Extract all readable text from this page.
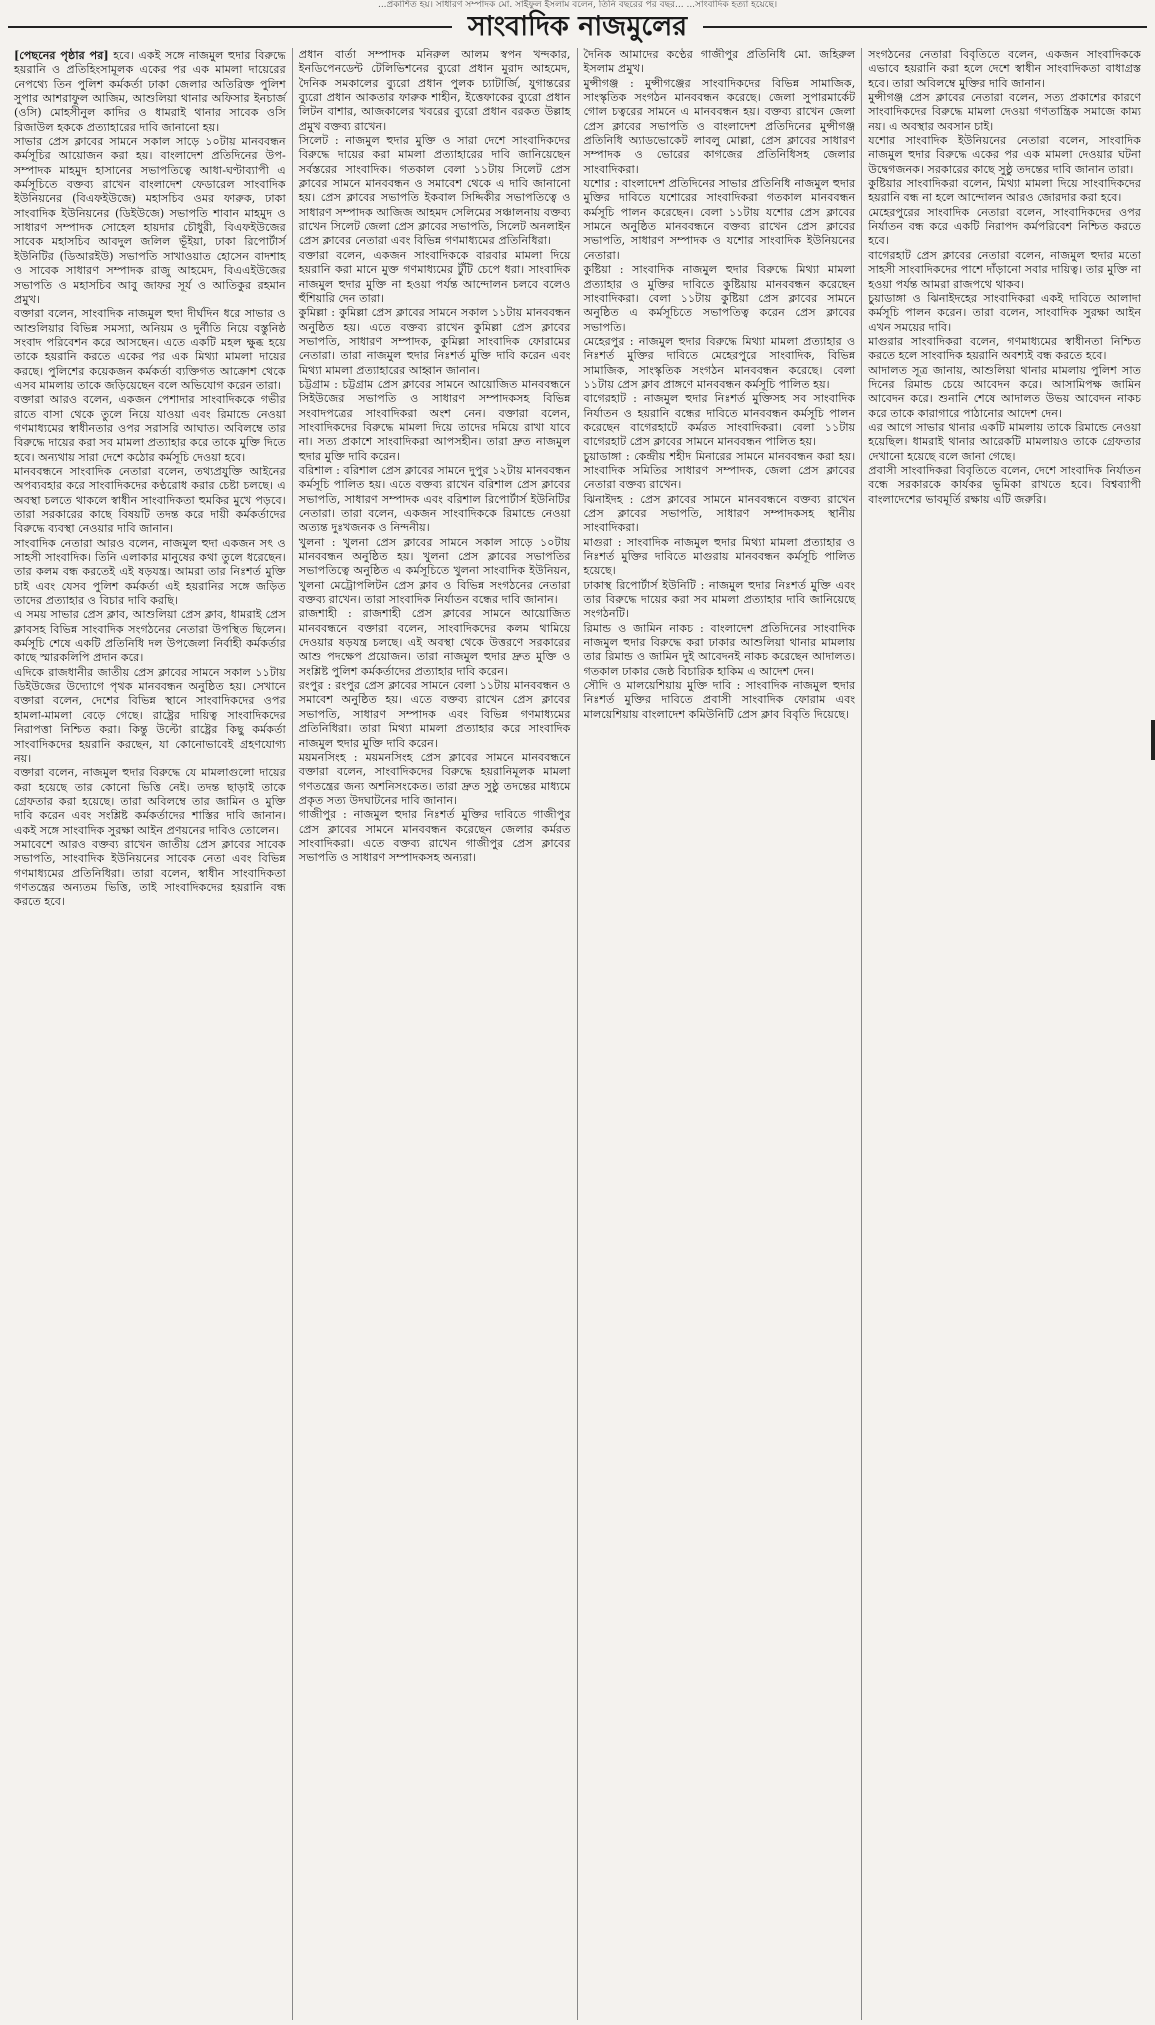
...প্রকাশিত হয়। সাধারণ সম্পাদক মো. সাইফুল ইসলাম বলেন, তিনি বছরের পর বছর... ...সাংবাদিক হত্যা হয়েছে।
সাংবাদিক নাজমুলের

[পেছনের পৃষ্ঠার পর] হবে। একই সঙ্গে নাজমুল হুদার বিরুদ্ধে হয়রানি ও প্রতিহিংসামূলক একের পর এক মামলা দায়েরের নেপথ্যে তিন পুলিশ কর্মকর্তা ঢাকা জেলার অতিরিক্ত পুলিশ সুপার আশরাফুল আজিম, আশুলিয়া থানার অফিসার ইনচার্জ (ওসি) মোহসীনুল কাদির ও ধামরাই থানার সাবেক ওসি রিজাউল হককে প্রত্যাহারের দাবি জানানো হয়।

সাভার প্রেস ক্লাবের সামনে সকাল সাড়ে ১০টায় মানববন্ধন কর্মসূচির আয়োজন করা হয়। বাংলাদেশ প্রতিদিনের উপ-সম্পাদক মাহমুদ হাসানের সভাপতিত্বে আধা-ঘণ্টাব্যাপী এ কর্মসূচিতে বক্তব্য রাখেন বাংলাদেশ ফেডারেল সাংবাদিক ইউনিয়নের (বিএফইউজে) মহাসচিব ওমর ফারুক, ঢাকা সাংবাদিক ইউনিয়নের (ডিইউজে) সভাপতি শাবান মাহমুদ ও সাধারণ সম্পাদক সোহেল হায়দার চৌধুরী, বিএফইউজের সাবেক মহাসচিব আবদুল জলিল ভূঁইয়া, ঢাকা রিপোর্টার্স ইউনিটির (ডিআরইউ) সভাপতি সাখাওয়াত হোসেন বাদশাহ ও সাবেক সাধারণ সম্পাদক রাজু আহমেদ, বিএএইউজের সভাপতি ও মহাসচিব আবু জাফর সূর্য ও আতিকুর রহমান প্রমুখ।

বক্তারা বলেন, সাংবাদিক নাজমুল হুদা দীর্ঘদিন ধরে সাভার ও আশুলিয়ার বিভিন্ন সমস্যা, অনিয়ম ও দুর্নীতি নিয়ে বস্তুনিষ্ঠ সংবাদ পরিবেশন করে আসছেন। এতে একটি মহল ক্ষুব্ধ হয়ে তাকে হয়রানি করতে একের পর এক মিথ্যা মামলা দায়ের করছে। পুলিশের কয়েকজন কর্মকর্তা ব্যক্তিগত আক্রোশ থেকে এসব মামলায় তাকে জড়িয়েছেন বলে অভিযোগ করেন তারা।

বক্তারা আরও বলেন, একজন পেশাদার সাংবাদিককে গভীর রাতে বাসা থেকে তুলে নিয়ে যাওয়া এবং রিমান্ডে নেওয়া গণমাধ্যমের স্বাধীনতার ওপর সরাসরি আঘাত। অবিলম্বে তার বিরুদ্ধে দায়ের করা সব মামলা প্রত্যাহার করে তাকে মুক্তি দিতে হবে। অন্যথায় সারা দেশে কঠোর কর্মসূচি দেওয়া হবে।

মানববন্ধনে সাংবাদিক নেতারা বলেন, তথ্যপ্রযুক্তি আইনের অপব্যবহার করে সাংবাদিকদের কণ্ঠরোধ করার চেষ্টা চলছে। এ অবস্থা চলতে থাকলে স্বাধীন সাংবাদিকতা হুমকির মুখে পড়বে। তারা সরকারের কাছে বিষয়টি তদন্ত করে দায়ী কর্মকর্তাদের বিরুদ্ধে ব্যবস্থা নেওয়ার দাবি জানান।

সাংবাদিক নেতারা আরও বলেন, নাজমুল হুদা একজন সৎ ও সাহসী সাংবাদিক। তিনি এলাকার মানুষের কথা তুলে ধরেছেন। তার কলম বন্ধ করতেই এই ষড়যন্ত্র। আমরা তার নিঃশর্ত মুক্তি চাই এবং যেসব পুলিশ কর্মকর্তা এই হয়রানির সঙ্গে জড়িত তাদের প্রত্যাহার ও বিচার দাবি করছি।

এ সময় সাভার প্রেস ক্লাব, আশুলিয়া প্রেস ক্লাব, ধামরাই প্রেস ক্লাবসহ বিভিন্ন সাংবাদিক সংগঠনের নেতারা উপস্থিত ছিলেন। কর্মসূচি শেষে একটি প্রতিনিধি দল উপজেলা নির্বাহী কর্মকর্তার কাছে স্মারকলিপি প্রদান করে।

এদিকে রাজধানীর জাতীয় প্রেস ক্লাবের সামনে সকাল ১১টায় ডিইউজের উদ্যোগে পৃথক মানববন্ধন অনুষ্ঠিত হয়। সেখানে বক্তারা বলেন, দেশের বিভিন্ন স্থানে সাংবাদিকদের ওপর হামলা-মামলা বেড়ে গেছে। রাষ্ট্রের দায়িত্ব সাংবাদিকদের নিরাপত্তা নিশ্চিত করা। কিন্তু উল্টো রাষ্ট্রের কিছু কর্মকর্তা সাংবাদিকদের হয়রানি করছেন, যা কোনোভাবেই গ্রহণযোগ্য নয়।

বক্তারা বলেন, নাজমুল হুদার বিরুদ্ধে যে মামলাগুলো দায়ের করা হয়েছে তার কোনো ভিত্তি নেই। তদন্ত ছাড়াই তাকে গ্রেফতার করা হয়েছে। তারা অবিলম্বে তার জামিন ও মুক্তি দাবি করেন এবং সংশ্লিষ্ট কর্মকর্তাদের শাস্তির দাবি জানান। একই সঙ্গে সাংবাদিক সুরক্ষা আইন প্রণয়নের দাবিও তোলেন।

সমাবেশে আরও বক্তব্য রাখেন জাতীয় প্রেস ক্লাবের সাবেক সভাপতি, সাংবাদিক ইউনিয়নের সাবেক নেতা এবং বিভিন্ন গণমাধ্যমের প্রতিনিধিরা। তারা বলেন, স্বাধীন সাংবাদিকতা গণতন্ত্রের অন্যতম ভিত্তি, তাই সাংবাদিকদের হয়রানি বন্ধ করতে হবে।

প্রধান বার্তা সম্পাদক মনিরুল আলম স্বপন খন্দকার, ইনডিপেনডেন্ট টেলিভিশনের ব্যুরো প্রধান মুরাদ আহমেদ, দৈনিক সমকালের ব্যুরো প্রধান পুলক চ্যাটার্জি, যুগান্তরের ব্যুরো প্রধান আকতার ফারুক শাহীন, ইত্তেফাকের ব্যুরো প্রধান লিটন বাশার, আজকালের খবরের ব্যুরো প্রধান বরকত উল্লাহ প্রমুখ বক্তব্য রাখেন।

সিলেট : নাজমুল হুদার মুক্তি ও সারা দেশে সাংবাদিকদের বিরুদ্ধে দায়ের করা মামলা প্রত্যাহারের দাবি জানিয়েছেন সর্বস্তরের সাংবাদিক। গতকাল বেলা ১১টায় সিলেট প্রেস ক্লাবের সামনে মানববন্ধন ও সমাবেশ থেকে এ দাবি জানানো হয়। প্রেস ক্লাবের সভাপতি ইকবাল সিদ্দিকীর সভাপতিত্বে ও সাধারণ সম্পাদক আজিজ আহমদ সেলিমের সঞ্চালনায় বক্তব্য রাখেন সিলেট জেলা প্রেস ক্লাবের সভাপতি, সিলেট অনলাইন প্রেস ক্লাবের নেতারা এবং বিভিন্ন গণমাধ্যমের প্রতিনিধিরা।

বক্তারা বলেন, একজন সাংবাদিককে বারবার মামলা দিয়ে হয়রানি করা মানে মুক্ত গণমাধ্যমের টুঁটি চেপে ধরা। সাংবাদিক নাজমুল হুদার মুক্তি না হওয়া পর্যন্ত আন্দোলন চলবে বলেও হুঁশিয়ারি দেন তারা।

কুমিল্লা : কুমিল্লা প্রেস ক্লাবের সামনে সকাল ১১টায় মানববন্ধন অনুষ্ঠিত হয়। এতে বক্তব্য রাখেন কুমিল্লা প্রেস ক্লাবের সভাপতি, সাধারণ সম্পাদক, কুমিল্লা সাংবাদিক ফোরামের নেতারা। তারা নাজমুল হুদার নিঃশর্ত মুক্তি দাবি করেন এবং মিথ্যা মামলা প্রত্যাহারের আহ্বান জানান।

চট্টগ্রাম : চট্টগ্রাম প্রেস ক্লাবের সামনে আয়োজিত মানববন্ধনে সিইউজের সভাপতি ও সাধারণ সম্পাদকসহ বিভিন্ন সংবাদপত্রের সাংবাদিকরা অংশ নেন। বক্তারা বলেন, সাংবাদিকদের বিরুদ্ধে মামলা দিয়ে তাদের দমিয়ে রাখা যাবে না। সত্য প্রকাশে সাংবাদিকরা আপসহীন। তারা দ্রুত নাজমুল হুদার মুক্তি দাবি করেন।

বরিশাল : বরিশাল প্রেস ক্লাবের সামনে দুপুর ১২টায় মানববন্ধন কর্মসূচি পালিত হয়। এতে বক্তব্য রাখেন বরিশাল প্রেস ক্লাবের সভাপতি, সাধারণ সম্পাদক এবং বরিশাল রিপোর্টার্স ইউনিটির নেতারা। তারা বলেন, একজন সাংবাদিককে রিমান্ডে নেওয়া অত্যন্ত দুঃখজনক ও নিন্দনীয়।

খুলনা : খুলনা প্রেস ক্লাবের সামনে সকাল সাড়ে ১০টায় মানববন্ধন অনুষ্ঠিত হয়। খুলনা প্রেস ক্লাবের সভাপতির সভাপতিত্বে অনুষ্ঠিত এ কর্মসূচিতে খুলনা সাংবাদিক ইউনিয়ন, খুলনা মেট্রোপলিটন প্রেস ক্লাব ও বিভিন্ন সংগঠনের নেতারা বক্তব্য রাখেন। তারা সাংবাদিক নির্যাতন বন্ধের দাবি জানান।

রাজশাহী : রাজশাহী প্রেস ক্লাবের সামনে আয়োজিত মানববন্ধনে বক্তারা বলেন, সাংবাদিকদের কলম থামিয়ে দেওয়ার ষড়যন্ত্র চলছে। এই অবস্থা থেকে উত্তরণে সরকারের আশু পদক্ষেপ প্রয়োজন। তারা নাজমুল হুদার দ্রুত মুক্তি ও সংশ্লিষ্ট পুলিশ কর্মকর্তাদের প্রত্যাহার দাবি করেন।

রংপুর : রংপুর প্রেস ক্লাবের সামনে বেলা ১১টায় মানববন্ধন ও সমাবেশ অনুষ্ঠিত হয়। এতে বক্তব্য রাখেন প্রেস ক্লাবের সভাপতি, সাধারণ সম্পাদক এবং বিভিন্ন গণমাধ্যমের প্রতিনিধিরা। তারা মিথ্যা মামলা প্রত্যাহার করে সাংবাদিক নাজমুল হুদার মুক্তি দাবি করেন।

ময়মনসিংহ : ময়মনসিংহ প্রেস ক্লাবের সামনে মানববন্ধনে বক্তারা বলেন, সাংবাদিকদের বিরুদ্ধে হয়রানিমূলক মামলা গণতন্ত্রের জন্য অশনিসংকেত। তারা দ্রুত সুষ্ঠু তদন্তের মাধ্যমে প্রকৃত সত্য উদঘাটনের দাবি জানান।

গাজীপুর : নাজমুল হুদার নিঃশর্ত মুক্তির দাবিতে গাজীপুর প্রেস ক্লাবের সামনে মানববন্ধন করেছেন জেলার কর্মরত সাংবাদিকরা। এতে বক্তব্য রাখেন গাজীপুর প্রেস ক্লাবের সভাপতি ও সাধারণ সম্পাদকসহ অন্যরা।

দৈনিক আমাদের কণ্ঠের গাজীপুর প্রতিনিধি মো. জহিরুল ইসলাম প্রমুখ।

মুন্সীগঞ্জ : মুন্সীগঞ্জের সাংবাদিকদের বিভিন্ন সামাজিক, সাংস্কৃতিক সংগঠন মানববন্ধন করেছে। জেলা সুপারমার্কেট গোল চত্বরের সামনে এ মানববন্ধন হয়। বক্তব্য রাখেন জেলা প্রেস ক্লাবের সভাপতি ও বাংলাদেশ প্রতিদিনের মুন্সীগঞ্জ প্রতিনিধি অ্যাডভোকেট লাবলু মোল্লা, প্রেস ক্লাবের সাধারণ সম্পাদক ও ভোরের কাগজের প্রতিনিধিসহ জেলার সাংবাদিকরা।

যশোর : বাংলাদেশ প্রতিদিনের সাভার প্রতিনিধি নাজমুল হুদার মুক্তির দাবিতে যশোরের সাংবাদিকরা গতকাল মানববন্ধন কর্মসূচি পালন করেছেন। বেলা ১১টায় যশোর প্রেস ক্লাবের সামনে অনুষ্ঠিত মানববন্ধনে বক্তব্য রাখেন প্রেস ক্লাবের সভাপতি, সাধারণ সম্পাদক ও যশোর সাংবাদিক ইউনিয়নের নেতারা।

কুষ্টিয়া : সাংবাদিক নাজমুল হুদার বিরুদ্ধে মিথ্যা মামলা প্রত্যাহার ও মুক্তির দাবিতে কুষ্টিয়ায় মানববন্ধন করেছেন সাংবাদিকরা। বেলা ১১টায় কুষ্টিয়া প্রেস ক্লাবের সামনে অনুষ্ঠিত এ কর্মসূচিতে সভাপতিত্ব করেন প্রেস ক্লাবের সভাপতি।

মেহেরপুর : নাজমুল হুদার বিরুদ্ধে মিথ্যা মামলা প্রত্যাহার ও নিঃশর্ত মুক্তির দাবিতে মেহেরপুরে সাংবাদিক, বিভিন্ন সামাজিক, সাংস্কৃতিক সংগঠন মানববন্ধন করেছে। বেলা ১১টায় প্রেস ক্লাব প্রাঙ্গণে মানববন্ধন কর্মসূচি পালিত হয়।

বাগেরহাট : নাজমুল হুদার নিঃশর্ত মুক্তিসহ সব সাংবাদিক নির্যাতন ও হয়রানি বন্ধের দাবিতে মানববন্ধন কর্মসূচি পালন করেছেন বাগেরহাটে কর্মরত সাংবাদিকরা। বেলা ১১টায় বাগেরহাট প্রেস ক্লাবের সামনে মানববন্ধন পালিত হয়।

চুয়াডাঙ্গা : কেন্দ্রীয় শহীদ মিনারের সামনে মানববন্ধন করা হয়। সাংবাদিক সমিতির সাধারণ সম্পাদক, জেলা প্রেস ক্লাবের নেতারা বক্তব্য রাখেন।

ঝিনাইদহ : প্রেস ক্লাবের সামনে মানববন্ধনে বক্তব্য রাখেন প্রেস ক্লাবের সভাপতি, সাধারণ সম্পাদকসহ স্থানীয় সাংবাদিকরা।

মাগুরা : সাংবাদিক নাজমুল হুদার মিথ্যা মামলা প্রত্যাহার ও নিঃশর্ত মুক্তির দাবিতে মাগুরায় মানববন্ধন কর্মসূচি পালিত হয়েছে।

ঢাকাস্থ রিপোর্টার্স ইউনিটি : নাজমুল হুদার নিঃশর্ত মুক্তি এবং তার বিরুদ্ধে দায়ের করা সব মামলা প্রত্যাহার দাবি জানিয়েছে সংগঠনটি।

রিমান্ড ও জামিন নাকচ : বাংলাদেশ প্রতিদিনের সাংবাদিক নাজমুল হুদার বিরুদ্ধে করা ঢাকার আশুলিয়া থানার মামলায় তার রিমান্ড ও জামিন দুই আবেদনই নাকচ করেছেন আদালত। গতকাল ঢাকার জেষ্ঠ বিচারিক হাকিম এ আদেশ দেন।

সৌদি ও মালয়েশিয়ায় মুক্তি দাবি : সাংবাদিক নাজমুল হুদার নিঃশর্ত মুক্তির দাবিতে প্রবাসী সাংবাদিক ফোরাম এবং মালয়েশিয়ায় বাংলাদেশ কমিউনিটি প্রেস ক্লাব বিবৃতি দিয়েছে।

সংগঠনের নেতারা বিবৃতিতে বলেন, একজন সাংবাদিককে এভাবে হয়রানি করা হলে দেশে স্বাধীন সাংবাদিকতা বাধাগ্রস্ত হবে। তারা অবিলম্বে মুক্তির দাবি জানান।

মুন্সীগঞ্জ প্রেস ক্লাবের নেতারা বলেন, সত্য প্রকাশের কারণে সাংবাদিকদের বিরুদ্ধে মামলা দেওয়া গণতান্ত্রিক সমাজে কাম্য নয়। এ অবস্থার অবসান চাই।

যশোর সাংবাদিক ইউনিয়নের নেতারা বলেন, সাংবাদিক নাজমুল হুদার বিরুদ্ধে একের পর এক মামলা দেওয়ার ঘটনা উদ্বেগজনক। সরকারের কাছে সুষ্ঠু তদন্তের দাবি জানান তারা।

কুষ্টিয়ার সাংবাদিকরা বলেন, মিথ্যা মামলা দিয়ে সাংবাদিকদের হয়রানি বন্ধ না হলে আন্দোলন আরও জোরদার করা হবে।

মেহেরপুরের সাংবাদিক নেতারা বলেন, সাংবাদিকদের ওপর নির্যাতন বন্ধ করে একটি নিরাপদ কর্মপরিবেশ নিশ্চিত করতে হবে।

বাগেরহাট প্রেস ক্লাবের নেতারা বলেন, নাজমুল হুদার মতো সাহসী সাংবাদিকদের পাশে দাঁড়ানো সবার দায়িত্ব। তার মুক্তি না হওয়া পর্যন্ত আমরা রাজপথে থাকব।

চুয়াডাঙ্গা ও ঝিনাইদহের সাংবাদিকরা একই দাবিতে আলাদা কর্মসূচি পালন করেন। তারা বলেন, সাংবাদিক সুরক্ষা আইন এখন সময়ের দাবি।

মাগুরার সাংবাদিকরা বলেন, গণমাধ্যমের স্বাধীনতা নিশ্চিত করতে হলে সাংবাদিক হয়রানি অবশ্যই বন্ধ করতে হবে।

আদালত সূত্র জানায়, আশুলিয়া থানার মামলায় পুলিশ সাত দিনের রিমান্ড চেয়ে আবেদন করে। আসামিপক্ষ জামিন আবেদন করে। শুনানি শেষে আদালত উভয় আবেদন নাকচ করে তাকে কারাগারে পাঠানোর আদেশ দেন।

এর আগে সাভার থানার একটি মামলায় তাকে রিমান্ডে নেওয়া হয়েছিল। ধামরাই থানার আরেকটি মামলায়ও তাকে গ্রেফতার দেখানো হয়েছে বলে জানা গেছে।

প্রবাসী সাংবাদিকরা বিবৃতিতে বলেন, দেশে সাংবাদিক নির্যাতন বন্ধে সরকারকে কার্যকর ভূমিকা রাখতে হবে। বিশ্বব্যাপী বাংলাদেশের ভাবমূর্তি রক্ষায় এটি জরুরি।
